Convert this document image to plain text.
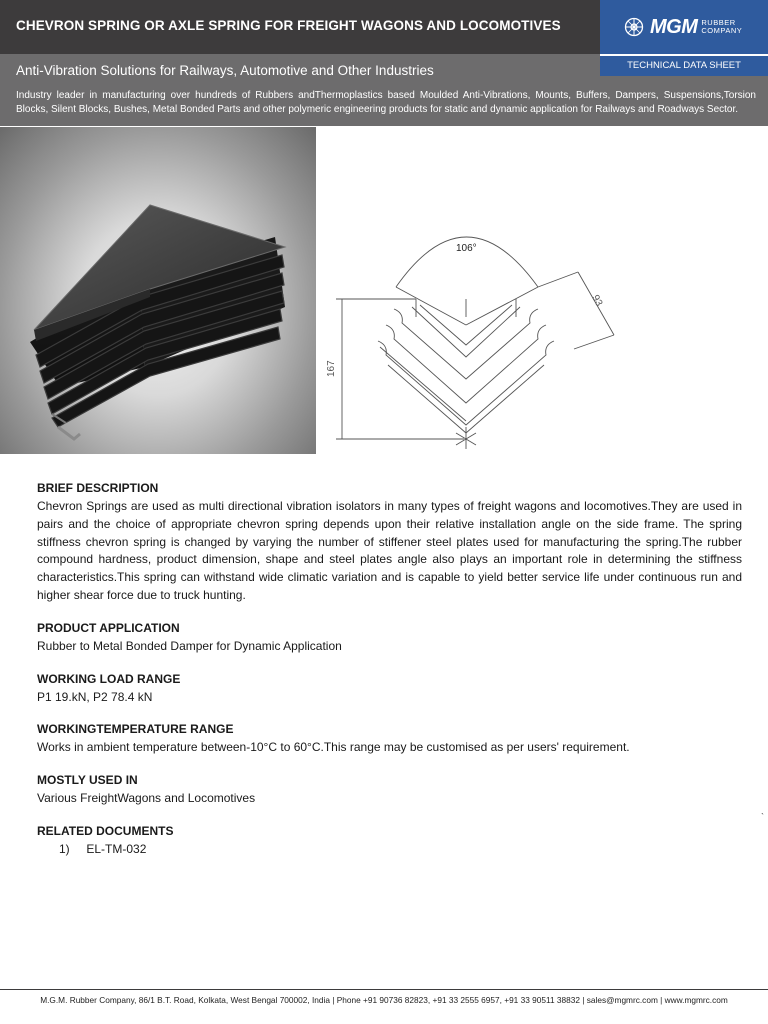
CHEVRON SPRING OR AXLE SPRING FOR FREIGHT WAGONS AND LOCOMOTIVES	MGM RUBBER
COMPANY
Anti-Vibration Solutions for Railways, Automotive and Other Industries	TECHNICAL DATA SHEET
Industry leader in manufacturing over hundreds of Rubbers andThermoplastics based Moulded Anti-Vibrations, Mounts, Buffers, Dampers, Suspensions,Torsion Blocks, Silent Blocks, Bushes, Metal Bonded Parts and other polymeric engineering products for static and dynamic application for Railways and Roadways Sector.
106°
167
93
BRIEF DESCRIPTION

Chevron Springs are used as multi directional vibration isolators in many types of freight wagons and locomotives.They are used in pairs and the choice of appropriate chevron spring depends upon their relative installation angle on the side frame. The spring stiffness chevron spring is changed by varying the number of stiffener steel plates used for manufacturing the spring.The rubber compound hardness, product dimension, shape and steel plates angle also plays an important role in determining the stiffness characteristics.This spring can withstand wide climatic variation and is capable to yield better service life under continuous run and higher shear force due to truck hunting.

PRODUCT APPLICATION

Rubber to Metal Bonded Damper for Dynamic Application

WORKING LOAD RANGE

P1 19.kN, P2 78.4 kN

WORKINGTEMPERATURE RANGE

Works in ambient temperature between-10°C to 60°C.This range may be customised as per users' requirement.

MOSTLY USED IN

Various FreightWagons and Locomotives

RELATED DOCUMENTS
1) EL-TM-032
`
M.G.M. Rubber Company, 86/1 B.T. Road, Kolkata, West Bengal 700002, India | Phone +91 90736 82823, +91 33 2555 6957, +91 33 90511 38832 | sales@mgmrc.com | www.mgmrc.com
